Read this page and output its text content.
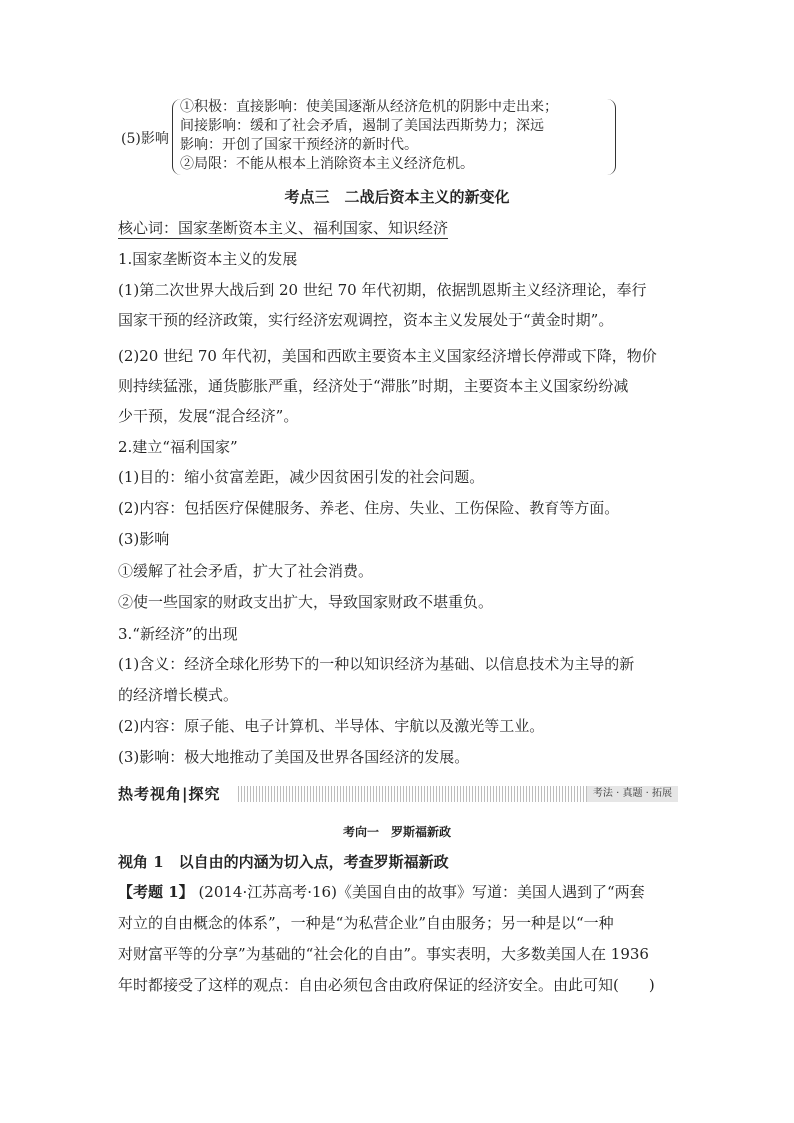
(5)影响
①积极：直接影响：使美国逐渐从经济危机的阴影中走出来；
间接影响：缓和了社会矛盾，遏制了美国法西斯势力；深远
影响：开创了国家干预经济的新时代。
②局限：不能从根本上消除资本主义经济危机。
考点三　二战后资本主义的新变化
核心词：国家垄断资本主义、福利国家、知识经济
1.国家垄断资本主义的发展
(1)第二次世界大战后到 20 世纪 70 年代初期，依据凯恩斯主义经济理论，奉行
国家干预的经济政策，实行经济宏观调控，资本主义发展处于“黄金时期”。
(2)20 世纪 70 年代初，美国和西欧主要资本主义国家经济增长停滞或下降，物价
则持续猛涨，通货膨胀严重，经济处于“滞胀”时期，主要资本主义国家纷纷减
少干预，发展“混合经济”。
2.建立“福利国家”
(1)目的：缩小贫富差距，减少因贫困引发的社会问题。
(2)内容：包括医疗保健服务、养老、住房、失业、工伤保险、教育等方面。
(3)影响
①缓解了社会矛盾，扩大了社会消费。
②使一些国家的财政支出扩大，导致国家财政不堪重负。
3.“新经济”的出现
(1)含义：经济全球化形势下的一种以知识经济为基础、以信息技术为主导的新
的经济增长模式。
(2)内容：原子能、电子计算机、半导体、宇航以及激光等工业。
(3)影响：极大地推动了美国及世界各国经济的发展。
热考视角|探究	考法 · 真题 · 拓展
考向一　罗斯福新政
视角 1　以自由的内涵为切入点，考查罗斯福新政
【考题 1】 (2014·江苏高考·16)《美国自由的故事》写道：美国人遇到了“两套
对立的自由概念的体系”，一种是“为私营企业”自由服务；另一种是以“一种
对财富平等的分享”为基础的“社会化的自由”。事实表明，大多数美国人在 1936
年时都接受了这样的观点：自由必须包含由政府保证的经济安全。由此可知(　　)
